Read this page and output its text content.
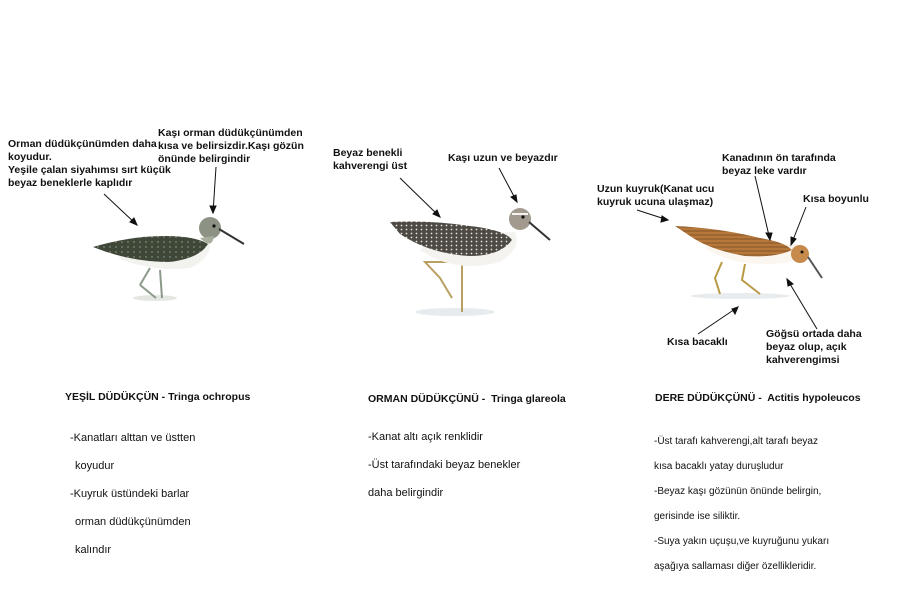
Orman düdükçünümden daha koyudur.
Yeşile çalan siyahımsı sırt küçük beyaz beneklerle kaplıdır
Kaşı orman düdükçünümden kısa ve belirsizdir.Kaşı gözün önünde belirgindir	Beyaz benekli kahverengi üst
Kaşı uzun ve beyazdır
Uzun kuyruk(Kanat ucu kuyruk ucuna ulaşmaz)
Kanadının ön tarafında beyaz leke vardır
Kısa boyunlu
Kısa bacaklı
Göğsü ortada daha beyaz olup, açık kahverengimsi
YEŞİL DÜDÜKÇÜN - Tringa ochropus	ORMAN DÜDÜKÇÜNÜ -  Tringa glareola	DERE DÜDÜKÇÜNÜ -  Actitis hypoleucos

-Kanatları alttan ve üstten

koyudur

-Kuyruk üstündeki barlar

orman düdükçünümden

kalındır

-Kanat altı açık renklidir

-Üst tarafındaki beyaz benekler

daha belirgindir

-Üst tarafı kahverengi,alt tarafı beyaz

kısa bacaklı yatay duruşludur

-Beyaz kaşı gözünün önünde belirgin,

gerisinde ise siliktir.

-Suya yakın uçuşu,ve kuyruğunu yukarı

aşağıya sallaması diğer özellikleridir.
